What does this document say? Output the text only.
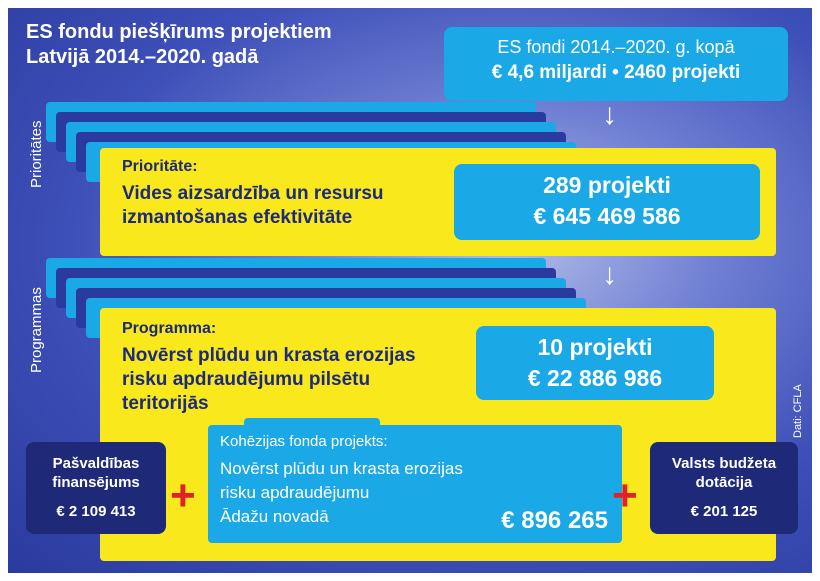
ES fondu piešķīrums projektiem
Latvijā 2014.–2020. gadā	ES fondi 2014.–2020. g. kopā
€ 4,6 miljardi • 2460 projekti
↓
↓
Prioritātes
Programmas
Prioritāte:
Vides aizsardzība un resursu
izmantošanas efektivitāte
289 projekti
€ 645 469 586
Programma:
Novērst plūdu un krasta erozijas
risku apdraudējumu pilsētu
teritorijās
10 projekti
€ 22 886 986
Kohēzijas fonda projekts:
Novērst plūdu un krasta erozijas
risku apdraudējumu
Ādažu novadā	€ 896 265
Pašvaldības
finansējums
€ 2 109 413 +
Valsts budžeta
dotācija
€ 201 125
+
Dati: CFLA
